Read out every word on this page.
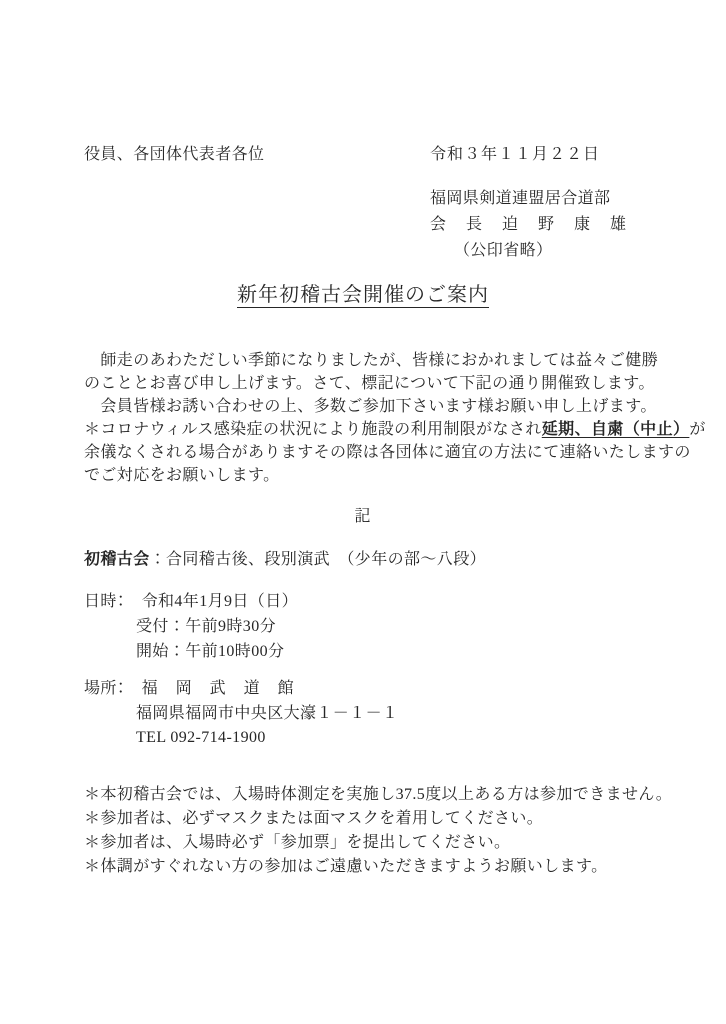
役員、各団体代表者各位	令和３年１１月２２日
福岡県剣道連盟居合道部
会　長　迫　野　康　雄
（公印省略）
新年初稽古会開催のご案内
　師走のあわただしい季節になりましたが、皆様におかれましては益々ご健勝
のこととお喜び申し上げます。さて、標記について下記の通り開催致します。
　会員皆様お誘い合わせの上、多数ご参加下さいます様お願い申し上げます。
＊コロナウィルス感染症の状況により施設の利用制限がなされ延期、自粛（中止）が
余儀なくされる場合がありますその際は各団体に適宜の方法にて連絡いたしますの
でご対応をお願いします。
記
初稽古会：合同稽古後、段別演武　（少年の部～八段）
日時：　令和4年1月9日（日）
受付：午前9時30分
開始：午前10時00分
場所：　福　岡　武　道　館
福岡県福岡市中央区大濠１－１－１
TEL 092-714-1900
＊本初稽古会では、入場時体測定を実施し37.5度以上ある方は参加できません。
＊参加者は、必ずマスクまたは面マスクを着用してください。
＊参加者は、入場時必ず「参加票」を提出してください。
＊体調がすぐれない方の参加はご遠慮いただきますようお願いします。
